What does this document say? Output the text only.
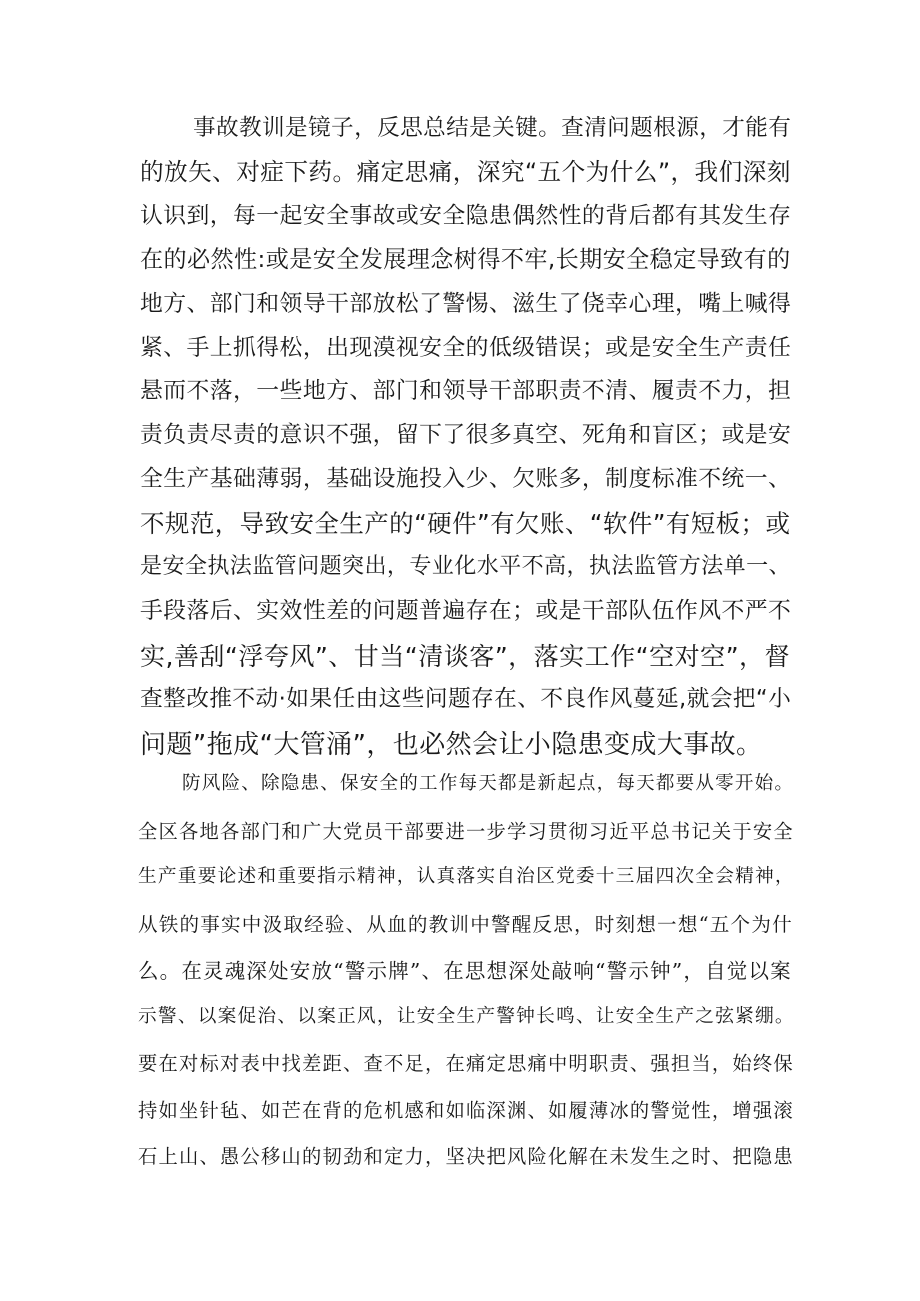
事故教训是镜子，反思总结是关键。查清问题根源，才能有
的放矢、对症下药。痛定思痛，深究“五个为什么”，我们深刻
认识到，每一起安全事故或安全隐患偶然性的背后都有其发生存
在的必然性:或是安全发展理念树得不牢,长期安全稳定导致有的
地方、部门和领导干部放松了警惕、滋生了侥幸心理，嘴上喊得
紧、手上抓得松，出现漠视安全的低级错误；或是安全生产责任
悬而不落，一些地方、部门和领导干部职责不清、履责不力，担
责负责尽责的意识不强，留下了很多真空、死角和盲区；或是安
全生产基础薄弱，基础设施投入少、欠账多，制度标准不统一、
不规范，导致安全生产的“硬件”有欠账、“软件”有短板；或
是安全执法监管问题突出，专业化水平不高，执法监管方法单一、
手段落后、实效性差的问题普遍存在；或是干部队伍作风不严不
实,善刮“浮夸风”、甘当“清谈客”，落实工作“空对空”，督
查整改推不动·如果任由这些问题存在、不良作风蔓延,就会把“小
问题”拖成“大管涌”，也必然会让小隐患变成大事故。
防风险、除隐患、保安全的工作每天都是新起点，每天都要从零开始。
全区各地各部门和广大党员干部要进一步学习贯彻习近平总书记关于安全
生产重要论述和重要指示精神，认真落实自治区党委十三届四次全会精神，
从铁的事实中汲取经验、从血的教训中警醒反思，时刻想一想“五个为什
么。在灵魂深处安放“警示牌”、在思想深处敲响“警示钟”，自觉以案
示警、以案促治、以案正风，让安全生产警钟长鸣、让安全生产之弦紧绷。
要在对标对表中找差距、查不足，在痛定思痛中明职责、强担当，始终保
持如坐针毡、如芒在背的危机感和如临深渊、如履薄冰的警觉性，增强滚
石上山、愚公移山的韧劲和定力，坚决把风险化解在未发生之时、把隐患
